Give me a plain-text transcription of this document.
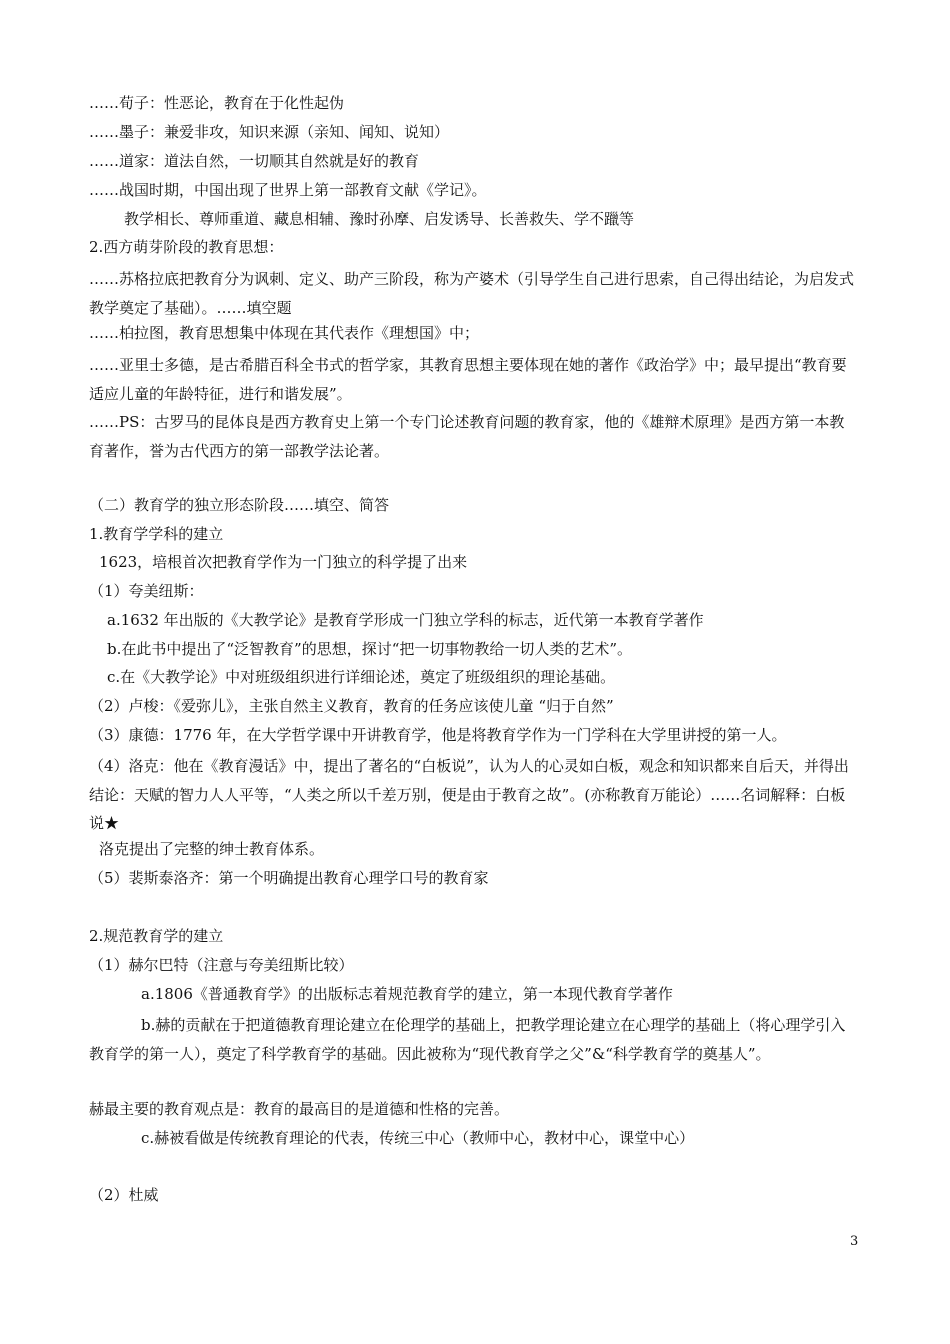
……荀子：性恶论，教育在于化性起伪
……墨子：兼爱非攻，知识来源（亲知、闻知、说知）
……道家：道法自然，一切顺其自然就是好的教育
……战国时期，中国出现了世界上第一部教育文献《学记》。
教学相长、尊师重道、藏息相辅、豫时孙摩、启发诱导、长善救失、学不躐等
2.西方萌芽阶段的教育思想：
……苏格拉底把教育分为讽刺、定义、助产三阶段，称为产婆术（引导学生自己进行思索，自己得出结论，为启发式教学奠定了基础）。……填空题
……柏拉图，教育思想集中体现在其代表作《理想国》中；
……亚里士多德，是古希腊百科全书式的哲学家，其教育思想主要体现在她的著作《政治学》中；最早提出“教育要适应儿童的年龄特征，进行和谐发展”。
……PS：古罗马的昆体良是西方教育史上第一个专门论述教育问题的教育家，他的《雄辩术原理》是西方第一本教育著作，誉为古代西方的第一部教学法论著。
（二）教育学的独立形态阶段……填空、简答
1.教育学学科的建立
1623，培根首次把教育学作为一门独立的科学提了出来
（1）夸美纽斯：
a.1632 年出版的《大教学论》是教育学形成一门独立学科的标志，近代第一本教育学著作
b.在此书中提出了“泛智教育”的思想，探讨“把一切事物教给一切人类的艺术”。
c.在《大教学论》中对班级组织进行详细论述，奠定了班级组织的理论基础。
（2）卢梭：《爱弥儿》，主张自然主义教育，教育的任务应该使儿童 “归于自然”
（3）康德：1776 年，在大学哲学课中开讲教育学，他是将教育学作为一门学科在大学里讲授的第一人。
（4）洛克：他在《教育漫话》中，提出了著名的“白板说”，认为人的心灵如白板，观念和知识都来自后天，并得出结论：天赋的智力人人平等，“人类之所以千差万别，便是由于教育之故”。(亦称教育万能论）……名词解释：白板说★
洛克提出了完整的绅士教育体系。
（5）裴斯泰洛齐：第一个明确提出教育心理学口号的教育家
2.规范教育学的建立
（1）赫尔巴特（注意与夸美纽斯比较）
a.1806《普通教育学》的出版标志着规范教育学的建立，第一本现代教育学著作
b.赫的贡献在于把道德教育理论建立在伦理学的基础上，把教学理论建立在心理学的基础上（将心理学引入教育学的第一人），奠定了科学教育学的基础。因此被称为“现代教育学之父”&“科学教育学的奠基人”。
赫最主要的教育观点是：教育的最高目的是道德和性格的完善。
c.赫被看做是传统教育理论的代表，传统三中心（教师中心，教材中心，课堂中心）
（2）杜威
3
